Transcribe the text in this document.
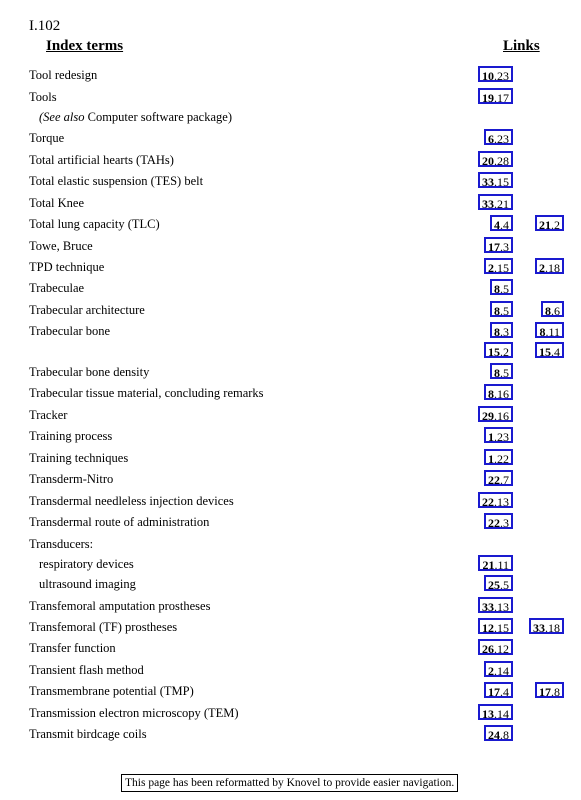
I.102
Index terms	Links
Tool redesign	10.23
Tools	19.17
(See also Computer software package)
Torque	6.23
Total artificial hearts (TAHs)	20.28
Total elastic suspension (TES) belt	33.15
Total Knee	33.21
Total lung capacity (TLC)	4.4	21.2
Towe, Bruce	17.3
TPD technique	2.15	2.18
Trabeculae	8.5
Trabecular architecture	8.5	8.6
Trabecular bone	8.3	8.11
15.2	15.4
Trabecular bone density	8.5
Trabecular tissue material, concluding remarks	8.16
Tracker	29.16
Training process	1.23
Training techniques	1.22
Transderm-Nitro	22.7
Transdermal needleless injection devices	22.13
Transdermal route of administration	22.3
Transducers:
respiratory devices	21.11
ultrasound imaging	25.5
Transfemoral amputation prostheses	33.13
Transfemoral (TF) prostheses	12.15	33.18
Transfer function	26.12
Transient flash method	2.14
Transmembrane potential (TMP)	17.4	17.8
Transmission electron microscopy (TEM)	13.14
Transmit birdcage coils	24.8
This page has been reformatted by Knovel to provide easier navigation.
